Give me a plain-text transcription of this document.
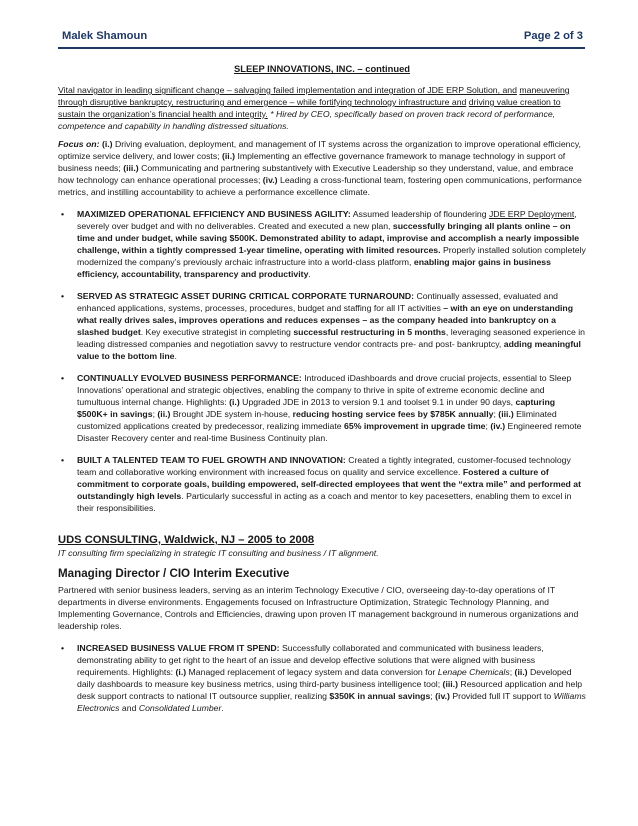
Malek Shamoun	Page 2 of 3

SLEEP INNOVATIONS, INC. – continued

Vital navigator in leading significant change – salvaging failed implementation and integration of JDE ERP Solution, and maneuvering through disruptive bankruptcy, restructuring and emergence – while fortifying technology infrastructure and driving value creation to sustain the organization’s financial health and integrity. * Hired by CEO, specifically based on proven track record of performance, competence and capability in handling distressed situations.

Focus on: (i.) Driving evaluation, deployment, and management of IT systems across the organization to improve operational efficiency, optimize service delivery, and lower costs; (ii.) Implementing an effective governance framework to manage technology in support of business needs; (iii.) Communicating and partnering substantively with Executive Leadership so they understand, value, and embrace how technology can enhance operational processes; (iv.) Leading a cross-functional team, fostering open communications, performance metrics, and instilling accountability to achieve a performance excellence climate.

• MAXIMIZED OPERATIONAL EFFICIENCY AND BUSINESS AGILITY: Assumed leadership of floundering JDE ERP Deployment, severely over budget and with no deliverables. Created and executed a new plan, successfully bringing all plants online – on time and under budget, while saving $500K. Demonstrated ability to adapt, improvise and accomplish a nearly impossible challenge, within a tightly compressed 1-year timeline, operating with limited resources. Properly installed solution completely modernized the company’s previously archaic infrastructure into a world-class platform, enabling major gains in business efficiency, accountability, transparency and productivity.

• SERVED AS STRATEGIC ASSET DURING CRITICAL CORPORATE TURNAROUND: Continually assessed, evaluated and enhanced applications, systems, processes, procedures, budget and staffing for all IT activities – with an eye on understanding what really drives sales, improves operations and reduces expenses – as the company headed into bankruptcy on a slashed budget. Key executive strategist in completing successful restructuring in 5 months, leveraging seasoned experience in leading distressed companies and negotiation savvy to restructure vendor contracts pre- and post- bankruptcy, adding meaningful value to the bottom line.

• CONTINUALLY EVOLVED BUSINESS PERFORMANCE: Introduced iDashboards and drove crucial projects, essential to Sleep Innovations’ operational and strategic objectives, enabling the company to thrive in spite of extreme economic decline and tumultuous internal change. Highlights: (i.) Upgraded JDE in 2013 to version 9.1 and toolset 9.1 in under 90 days, capturing $500K+ in savings; (ii.) Brought JDE system in-house, reducing hosting service fees by $785K annually; (iii.) Eliminated customized applications created by predecessor, realizing immediate 65% improvement in upgrade time; (iv.) Engineered remote Disaster Recovery center and real-time Business Continuity plan.

• BUILT A TALENTED TEAM TO FUEL GROWTH AND INNOVATION: Created a tightly integrated, customer-focused technology team and collaborative working environment with increased focus on quality and service excellence. Fostered a culture of commitment to corporate goals, building empowered, self-directed employees that went the “extra mile” and performed at outstandingly high levels. Particularly successful in acting as a coach and mentor to key pacesetters, enabling them to excel in their responsibilities.

UDS CONSULTING, Waldwick, NJ – 2005 to 2008

IT consulting firm specializing in strategic IT consulting and business / IT alignment.

Managing Director / CIO Interim Executive

Partnered with senior business leaders, serving as an interim Technology Executive / CIO, overseeing day-to-day operations of IT departments in diverse environments. Engagements focused on Infrastructure Optimization, Strategic Technology Planning, and Implementing Governance, Controls and Efficiencies, drawing upon proven IT management background in numerous organizations and leadership roles.

• INCREASED BUSINESS VALUE FROM IT SPEND: Successfully collaborated and communicated with business leaders, demonstrating ability to get right to the heart of an issue and develop effective solutions that were aligned with business requirements. Highlights: (i.) Managed replacement of legacy system and data conversion for Lenape Chemicals; (ii.) Developed daily dashboards to measure key business metrics, using third-party business intelligence tool; (iii.) Resourced application and help desk support contracts to national IT outsource supplier, realizing $350K in annual savings; (iv.) Provided full IT support to Williams Electronics and Consolidated Lumber.
